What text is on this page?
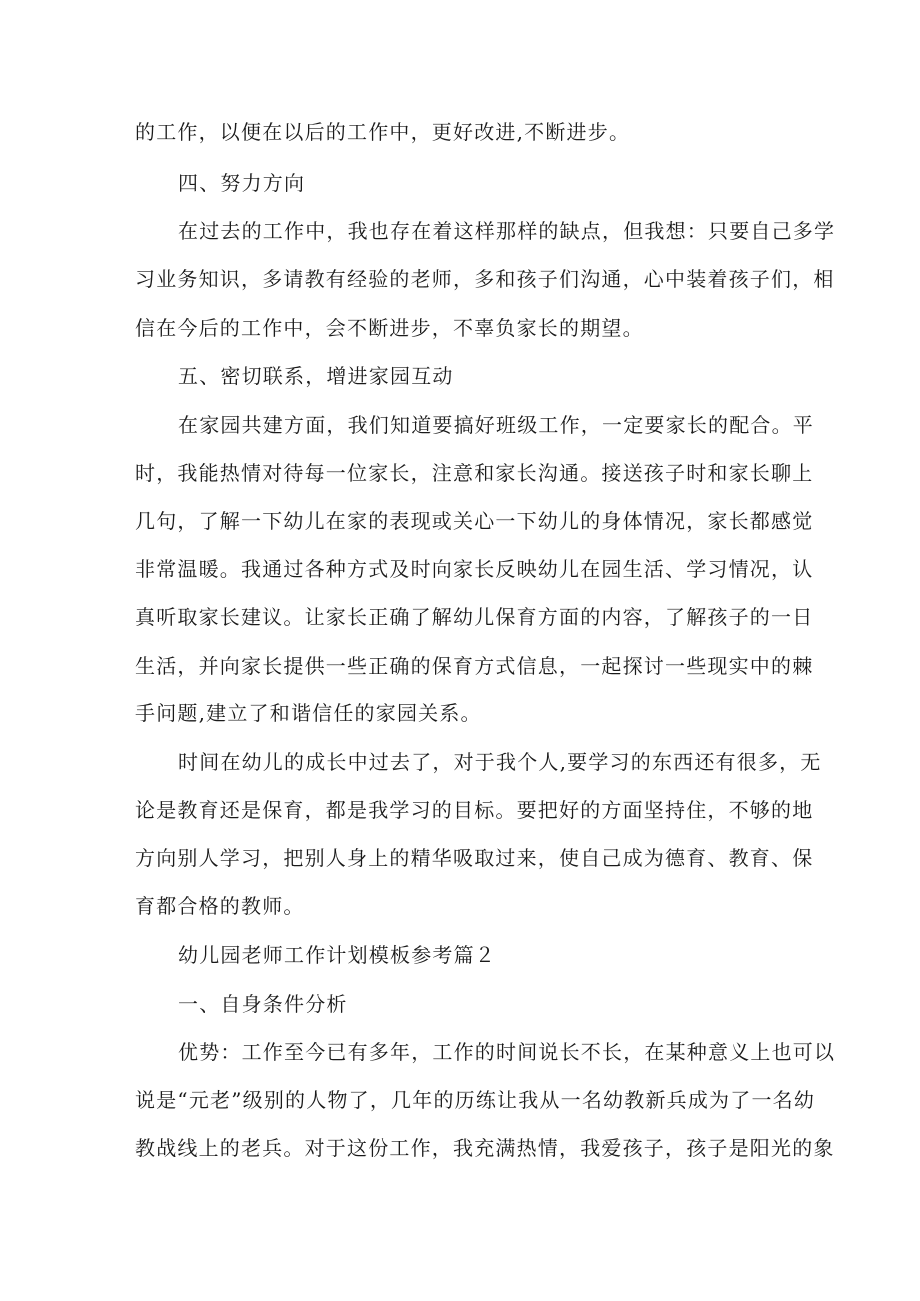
的工作，以便在以后的工作中，更好改进,不断进步。
四、努力方向
在过去的工作中，我也存在着这样那样的缺点，但我想：只要自己多学
习业务知识，多请教有经验的老师，多和孩子们沟通，心中装着孩子们，相
信在今后的工作中，会不断进步，不辜负家长的期望。
五、密切联系，增进家园互动
在家园共建方面，我们知道要搞好班级工作，一定要家长的配合。平
时，我能热情对待每一位家长，注意和家长沟通。接送孩子时和家长聊上
几句，了解一下幼儿在家的表现或关心一下幼儿的身体情况，家长都感觉
非常温暖。我通过各种方式及时向家长反映幼儿在园生活、学习情况，认
真听取家长建议。让家长正确了解幼儿保育方面的内容，了解孩子的一日
生活，并向家长提供一些正确的保育方式信息，一起探讨一些现实中的棘
手问题,建立了和谐信任的家园关系。
时间在幼儿的成长中过去了，对于我个人,要学习的东西还有很多，无
论是教育还是保育，都是我学习的目标。要把好的方面坚持住，不够的地
方向别人学习，把别人身上的精华吸取过来，使自己成为德育、教育、保
育都合格的教师。
幼儿园老师工作计划模板参考篇２
一、自身条件分析
优势：工作至今已有多年，工作的时间说长不长，在某种意义上也可以
说是“元老”级别的人物了，几年的历练让我从一名幼教新兵成为了一名幼
教战线上的老兵。对于这份工作，我充满热情，我爱孩子，孩子是阳光的象
